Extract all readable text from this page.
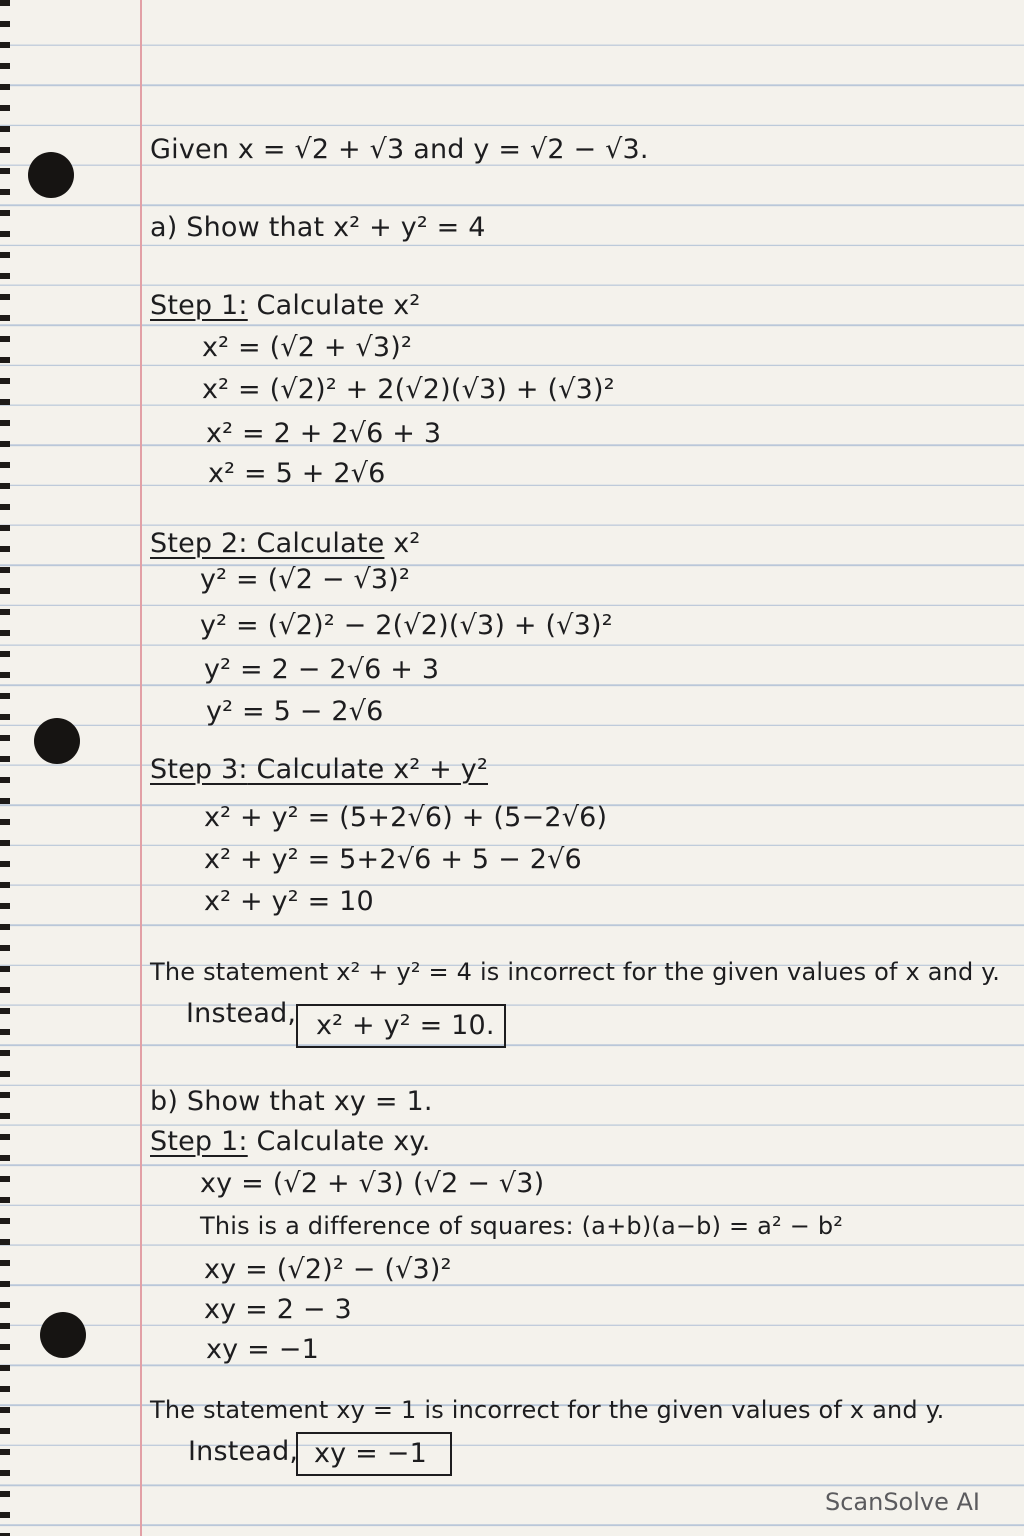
Given x = √2 + √3 and y = √2 − √3.
a) Show that x² + y² = 4
Step 1: Calculate x²
x² = (√2 + √3)²
x² = (√2)² + 2(√2)(√3) + (√3)²
x² = 2 + 2√6 + 3
x² = 5 + 2√6
Step 2: Calculate x²
y² = (√2 − √3)²
y² = (√2)² − 2(√2)(√3) + (√3)²
y² = 2 − 2√6 + 3
y² = 5 − 2√6
Step 3: Calculate x² + y²
x² + y² = (5+2√6) + (5−2√6)
x² + y² = 5+2√6 + 5 − 2√6
x² + y² = 10
The statement x² + y² = 4 is incorrect for the given values of x and y.
Instead, x² + y² = 10.
b) Show that xy = 1.
Step 1: Calculate xy.
xy = (√2 + √3) (√2 − √3)
This is a difference of squares: (a+b)(a−b) = a² − b²
xy = (√2)² − (√3)²
xy = 2 − 3
xy = −1
The statement xy = 1 is incorrect for the given values of x and y.
Instead, xy = −1
ScanSolve AI
